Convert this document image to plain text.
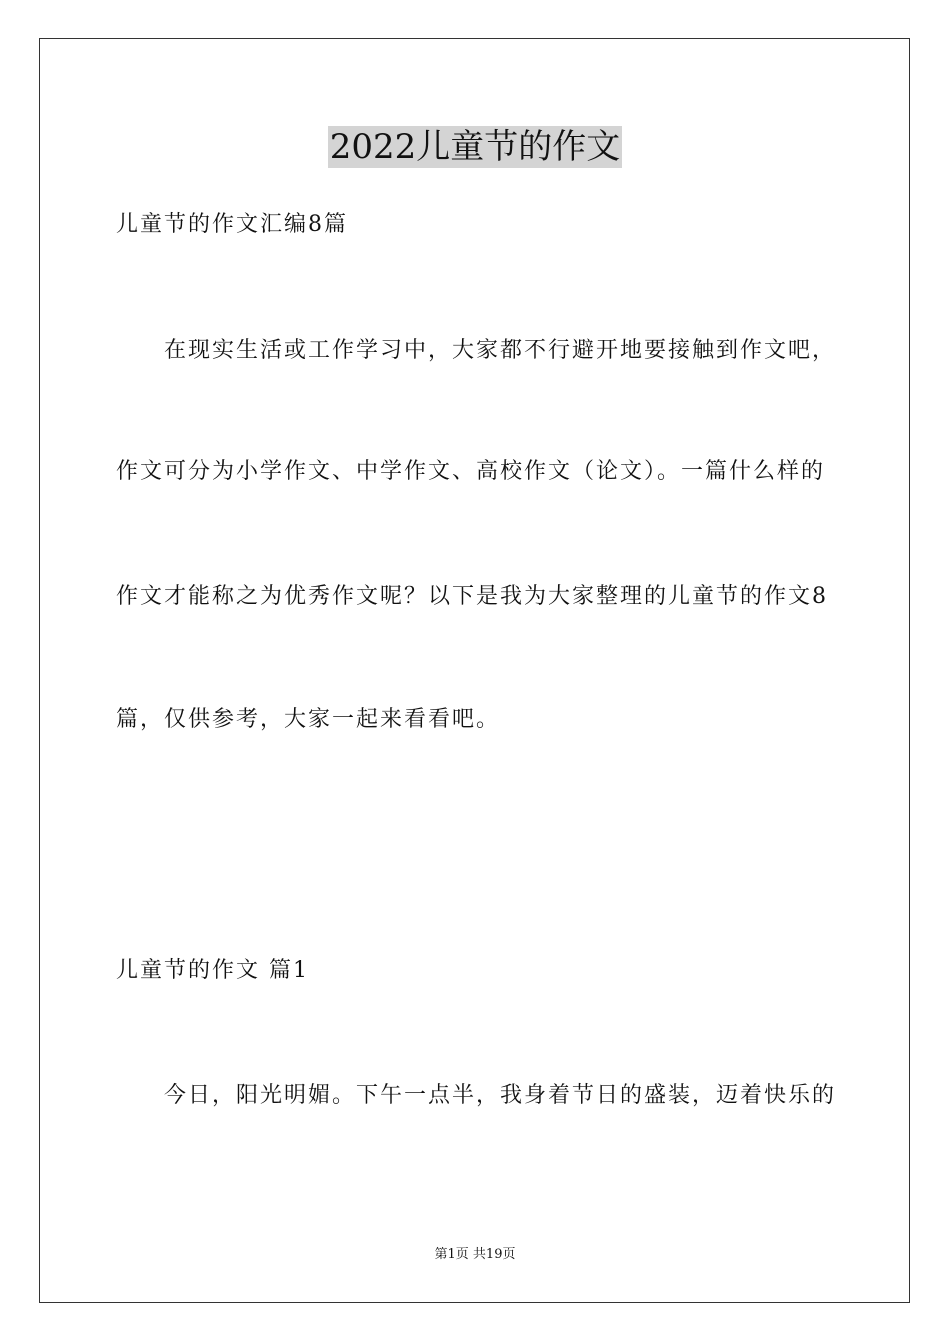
2022儿童节的作文
儿童节的作文汇编8篇
在现实生活或工作学习中，大家都不行避开地要接触到作文吧，
作文可分为小学作文、中学作文、高校作文（论文）。一篇什么样的
作文才能称之为优秀作文呢？以下是我为大家整理的儿童节的作文8
篇，仅供参考，大家一起来看看吧。
儿童节的作文 篇1
今日，阳光明媚。下午一点半，我身着节日的盛装，迈着快乐的
第1页 共19页
